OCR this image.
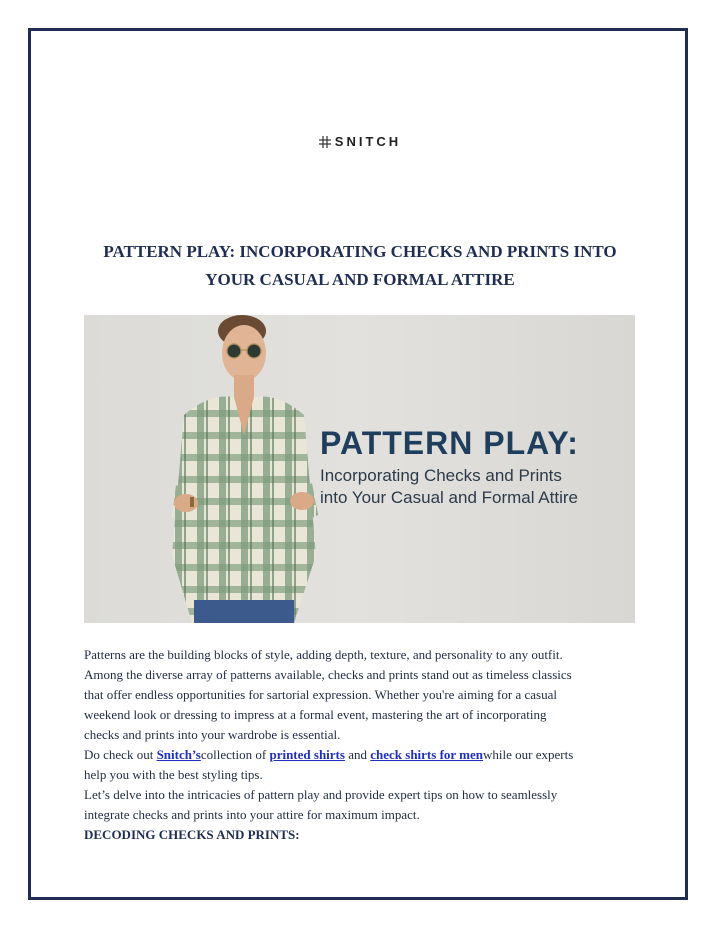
SNITCH
PATTERN PLAY: INCORPORATING CHECKS AND PRINTS INTO
YOUR CASUAL AND FORMAL ATTIRE
PATTERN PLAY:
Incorporating Checks and Prints
into Your Casual and Formal Attire

Patterns are the building blocks of style, adding depth, texture, and personality to any outfit.

Among the diverse array of patterns available, checks and prints stand out as timeless classics

that offer endless opportunities for sartorial expression. Whether you're aiming for a casual

weekend look or dressing to impress at a formal event, mastering the art of incorporating

checks and prints into your wardrobe is essential.

Do check out Snitch’scollection of printed shirts and check shirts for menwhile our experts

help you with the best styling tips.

Let’s delve into the intricacies of pattern play and provide expert tips on how to seamlessly

integrate checks and prints into your attire for maximum impact.

DECODING CHECKS AND PRINTS:
